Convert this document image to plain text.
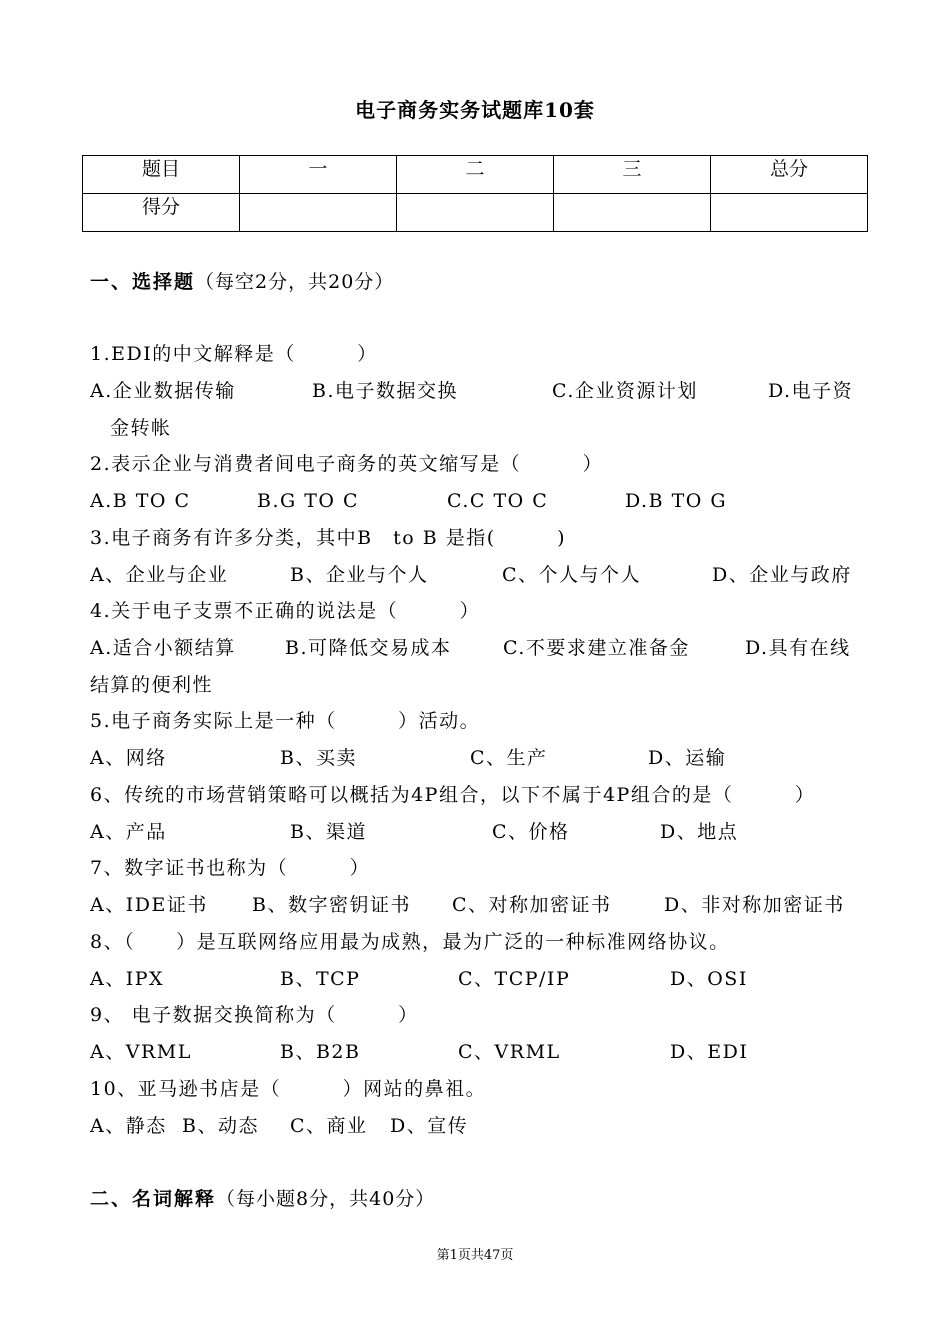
电子商务实务试题库10套
题目	一	二	三	总分
得分				
一、选择题（每空2分，共20分）
1.EDI的中文解释是（　　　）
A.企业数据传输	B.电子数据交换	C.企业资源计划	D.电子资
金转帐
2.表示企业与消费者间电子商务的英文缩写是（　　　）
A.B TO C	B.G TO C	C.C TO C	D.B TO G
3.电子商务有许多分类，其中B　to B 是指(　　　)
A、企业与企业	B、企业与个人	C、个人与个人	D、企业与政府
4.关于电子支票不正确的说法是（　　　）
A.适合小额结算	B.可降低交易成本	C.不要求建立准备金	D.具有在线
结算的便利性
5.电子商务实际上是一种（　　　）活动。
A、网络	B、买卖	C、生产	D、运输
6、传统的市场营销策略可以概括为4P组合，以下不属于4P组合的是（　　　）
A、产品	B、渠道	C、价格	D、地点
7、数字证书也称为（　　　）
A、IDE证书 B、数字密钥证书 C、对称加密证书	D、非对称加密证书
8、（　　）是互联网络应用最为成熟，最为广泛的一种标准网络协议。
A、IPX	B、TCP	C、TCP/IP	D、OSI
9、 电子数据交换简称为（　　　）
A、VRML	B、B2B	C、VRML	D、EDI
10、亚马逊书店是（　　　）网站的鼻祖。
A、静态 B、动态 C、商业 D、宣传
二、名词解释（每小题8分，共40分）
第1页共47页
